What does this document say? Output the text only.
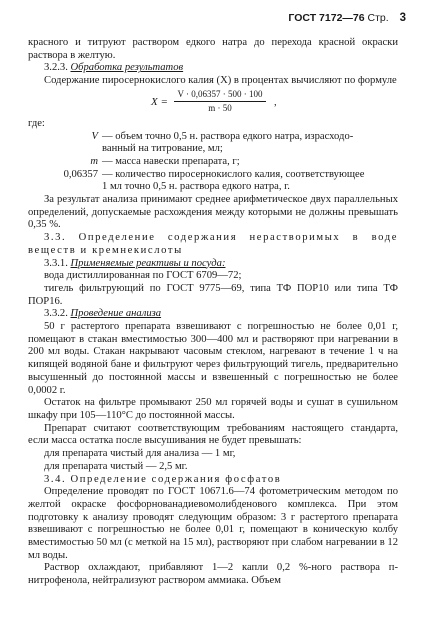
ГОСТ 7172—76 Стр. 3

красного и титруют раствором едкого натра до перехода красной окраски раствора в желтую.

3.2.3. Обработка результатов

Содержание пиросернокислого калия (X) в процентах вычисляют по формуле

$X = \frac{V \cdot 0,06357 \cdot 500 \cdot 100}{m \cdot 50}$ ,

где:

V — объем точно 0,5 н. раствора едкого натра, израсходо-

ванный на титрование, мл;

m — масса навески препарата, г;
0,06357 — количество пиросернокислого калия, соответствующее

1 мл точно 0,5 н. раствора едкого натра, г.

За результат анализа принимают среднее арифметическое двух параллельных определений, допускаемые расхождения между которыми не должны превышать 0,35 %.

3.3. Определение содержания нерастворимых в воде веществ и кремнекислоты

3.3.1. Применяемые реактивы и посуда:

вода дистиллированная по ГОСТ 6709—72;

тигель фильтрующий по ГОСТ 9775—69, типа ТФ ПОР10 или типа ТФ ПОР16.

3.3.2. Проведение анализа

50 г растертого препарата взвешивают с погрешностью не более 0,01 г, помещают в стакан вместимостью 300—400 мл и растворяют при нагревании в 200 мл воды. Стакан накрывают часовым стеклом, нагревают в течение 1 ч на кипящей водяной бане и фильтруют через фильтрующий тигель, предварительно высушенный до постоянной массы и взвешенный с погрешностью не более 0,0002 г.

Остаток на фильтре промывают 250 мл горячей воды и сушат в сушильном шкафу при 105—110°С до постоянной массы.

Препарат считают соответствующим требованиям настоящего стандарта, если масса остатка после высушивания не будет превышать:

для препарата чистый для анализа — 1 мг,

для препарата чистый — 2,5 мг.

3.4. Определение содержания фосфатов

Определение проводят по ГОСТ 10671.6—74 фотометрическим методом по желтой окраске фосфорнованадиевомолибденового комплекса. При этом подготовку к анализу проводят следующим образом: 3 г растертого препарата взвешивают с погрешностью не более 0,01 г, помещают в коническую колбу вместимостью 50 мл (с меткой на 15 мл), растворяют при слабом нагревании в 12 мл воды.

Раствор охлаждают, прибавляют 1—2 капли 0,2 %-ного раствора п-нитрофенола, нейтрализуют раствором аммиака. Объем
